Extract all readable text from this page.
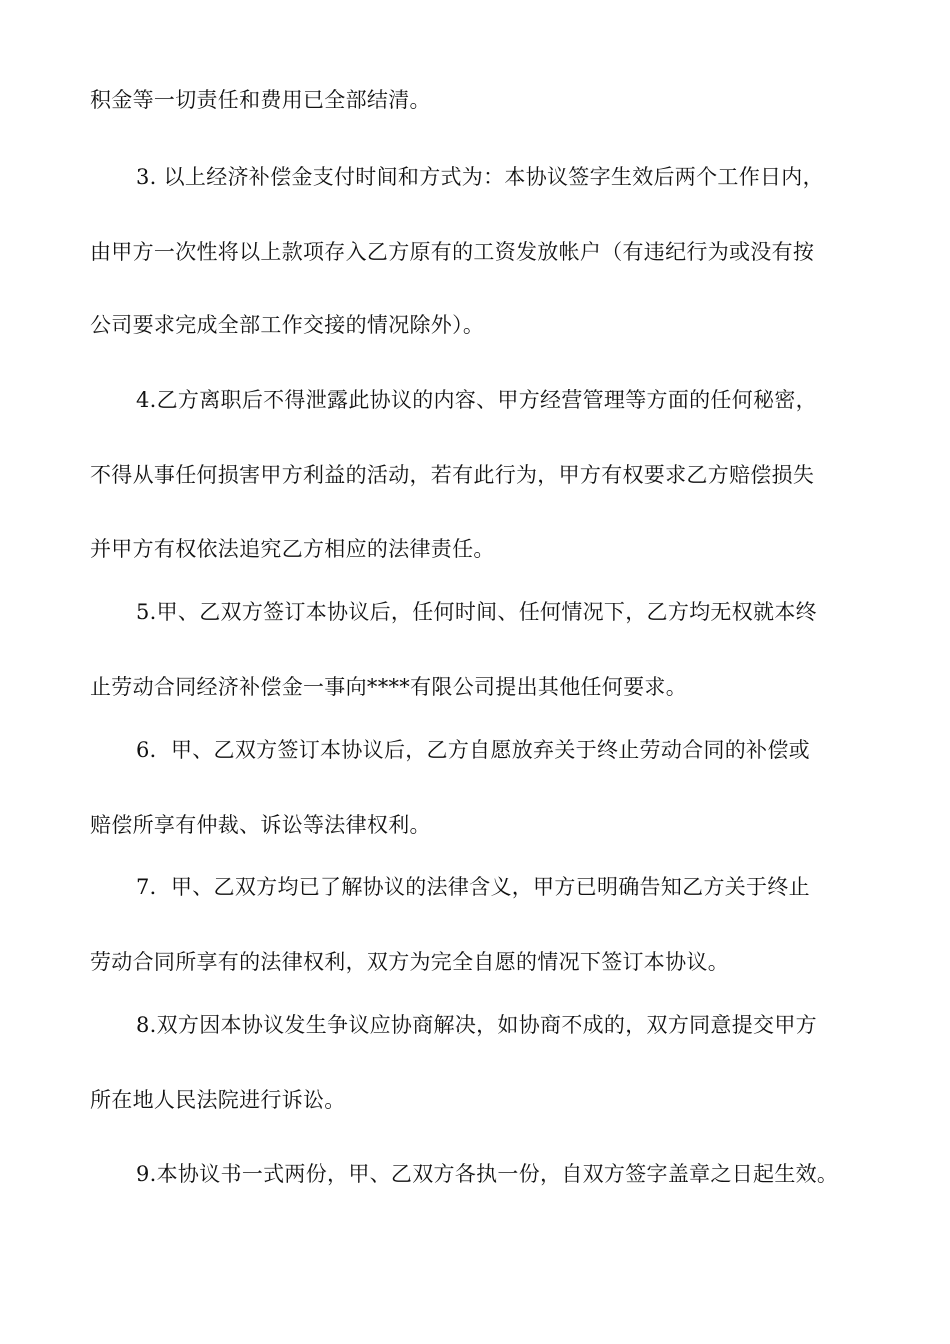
积金等一切责任和费用已全部结清。
3. 以上经济补偿金支付时间和方式为：本协议签字生效后两个工作日内，
由甲方一次性将以上款项存入乙方原有的工资发放帐户（有违纪行为或没有按
公司要求完成全部工作交接的情况除外）。
4.乙方离职后不得泄露此协议的内容、甲方经营管理等方面的任何秘密，
不得从事任何损害甲方利益的活动，若有此行为，甲方有权要求乙方赔偿损失
并甲方有权依法追究乙方相应的法律责任。
5.甲、乙双方签订本协议后，任何时间、任何情况下，乙方均无权就本终
止劳动合同经济补偿金一事向****有限公司提出其他任何要求。
6．甲、乙双方签订本协议后，乙方自愿放弃关于终止劳动合同的补偿或
赔偿所享有仲裁、诉讼等法律权利。
7．甲、乙双方均已了解协议的法律含义，甲方已明确告知乙方关于终止
劳动合同所享有的法律权利，双方为完全自愿的情况下签订本协议。
8.双方因本协议发生争议应协商解决，如协商不成的，双方同意提交甲方
所在地人民法院进行诉讼。
9.本协议书一式两份，甲、乙双方各执一份，自双方签字盖章之日起生效。
